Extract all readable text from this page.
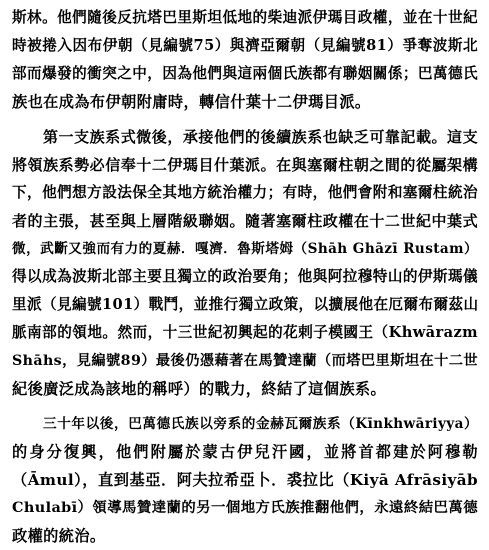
斯林。他們隨後反抗塔巴里斯坦低地的柴迪派伊瑪目政權，並在十世紀
時被捲入因布伊朝（見編號75）與濟亞爾朝（見編號81）爭奪波斯北
部而爆發的衝突之中，因為他們與這兩個氏族都有聯姻關係；巴萬德氏
族也在成為布伊朝附庸時，轉信什葉十二伊瑪目派。
第一支族系式微後，承接他們的後續族系也缺乏可靠記載。這支
將領族系勢必信奉十二伊瑪目什葉派。在與塞爾柱朝之間的從屬架構
下，他們想方設法保全其地方統治權力；有時，他們會附和塞爾柱統治
者的主張，甚至與上層階級聯姻。隨著塞爾柱政權在十二世紀中葉式
微，武斷又強而有力的夏赫．嘎濟．魯斯塔姆（Shāh Ghāzī Rustam）
得以成為波斯北部主要且獨立的政治要角；他與阿拉穆特山的伊斯瑪儀
里派（見編號101）戰鬥，並推行獨立政策，以擴展他在厄爾布爾茲山
脈南部的領地。然而，十三世紀初興起的花剌子模國王（Khwārazm
Shāhs，見編號89）最後仍憑藉著在馬贊達蘭（而塔巴里斯坦在十二世
紀後廣泛成為該地的稱呼）的戰力，終結了這個族系。
三十年以後，巴萬德氏族以旁系的金赫瓦爾族系（Kīnkhwāriyya）
的身分復興，他們附屬於蒙古伊兒汗國，並將首都建於阿穆勒
（Āmul），直到基亞．阿夫拉希亞卜．裘拉比（Kiyā Afrāsiyāb
Chulabī）領導馬贊達蘭的另一個地方氏族推翻他們，永遠終結巴萬德
政權的統治。
